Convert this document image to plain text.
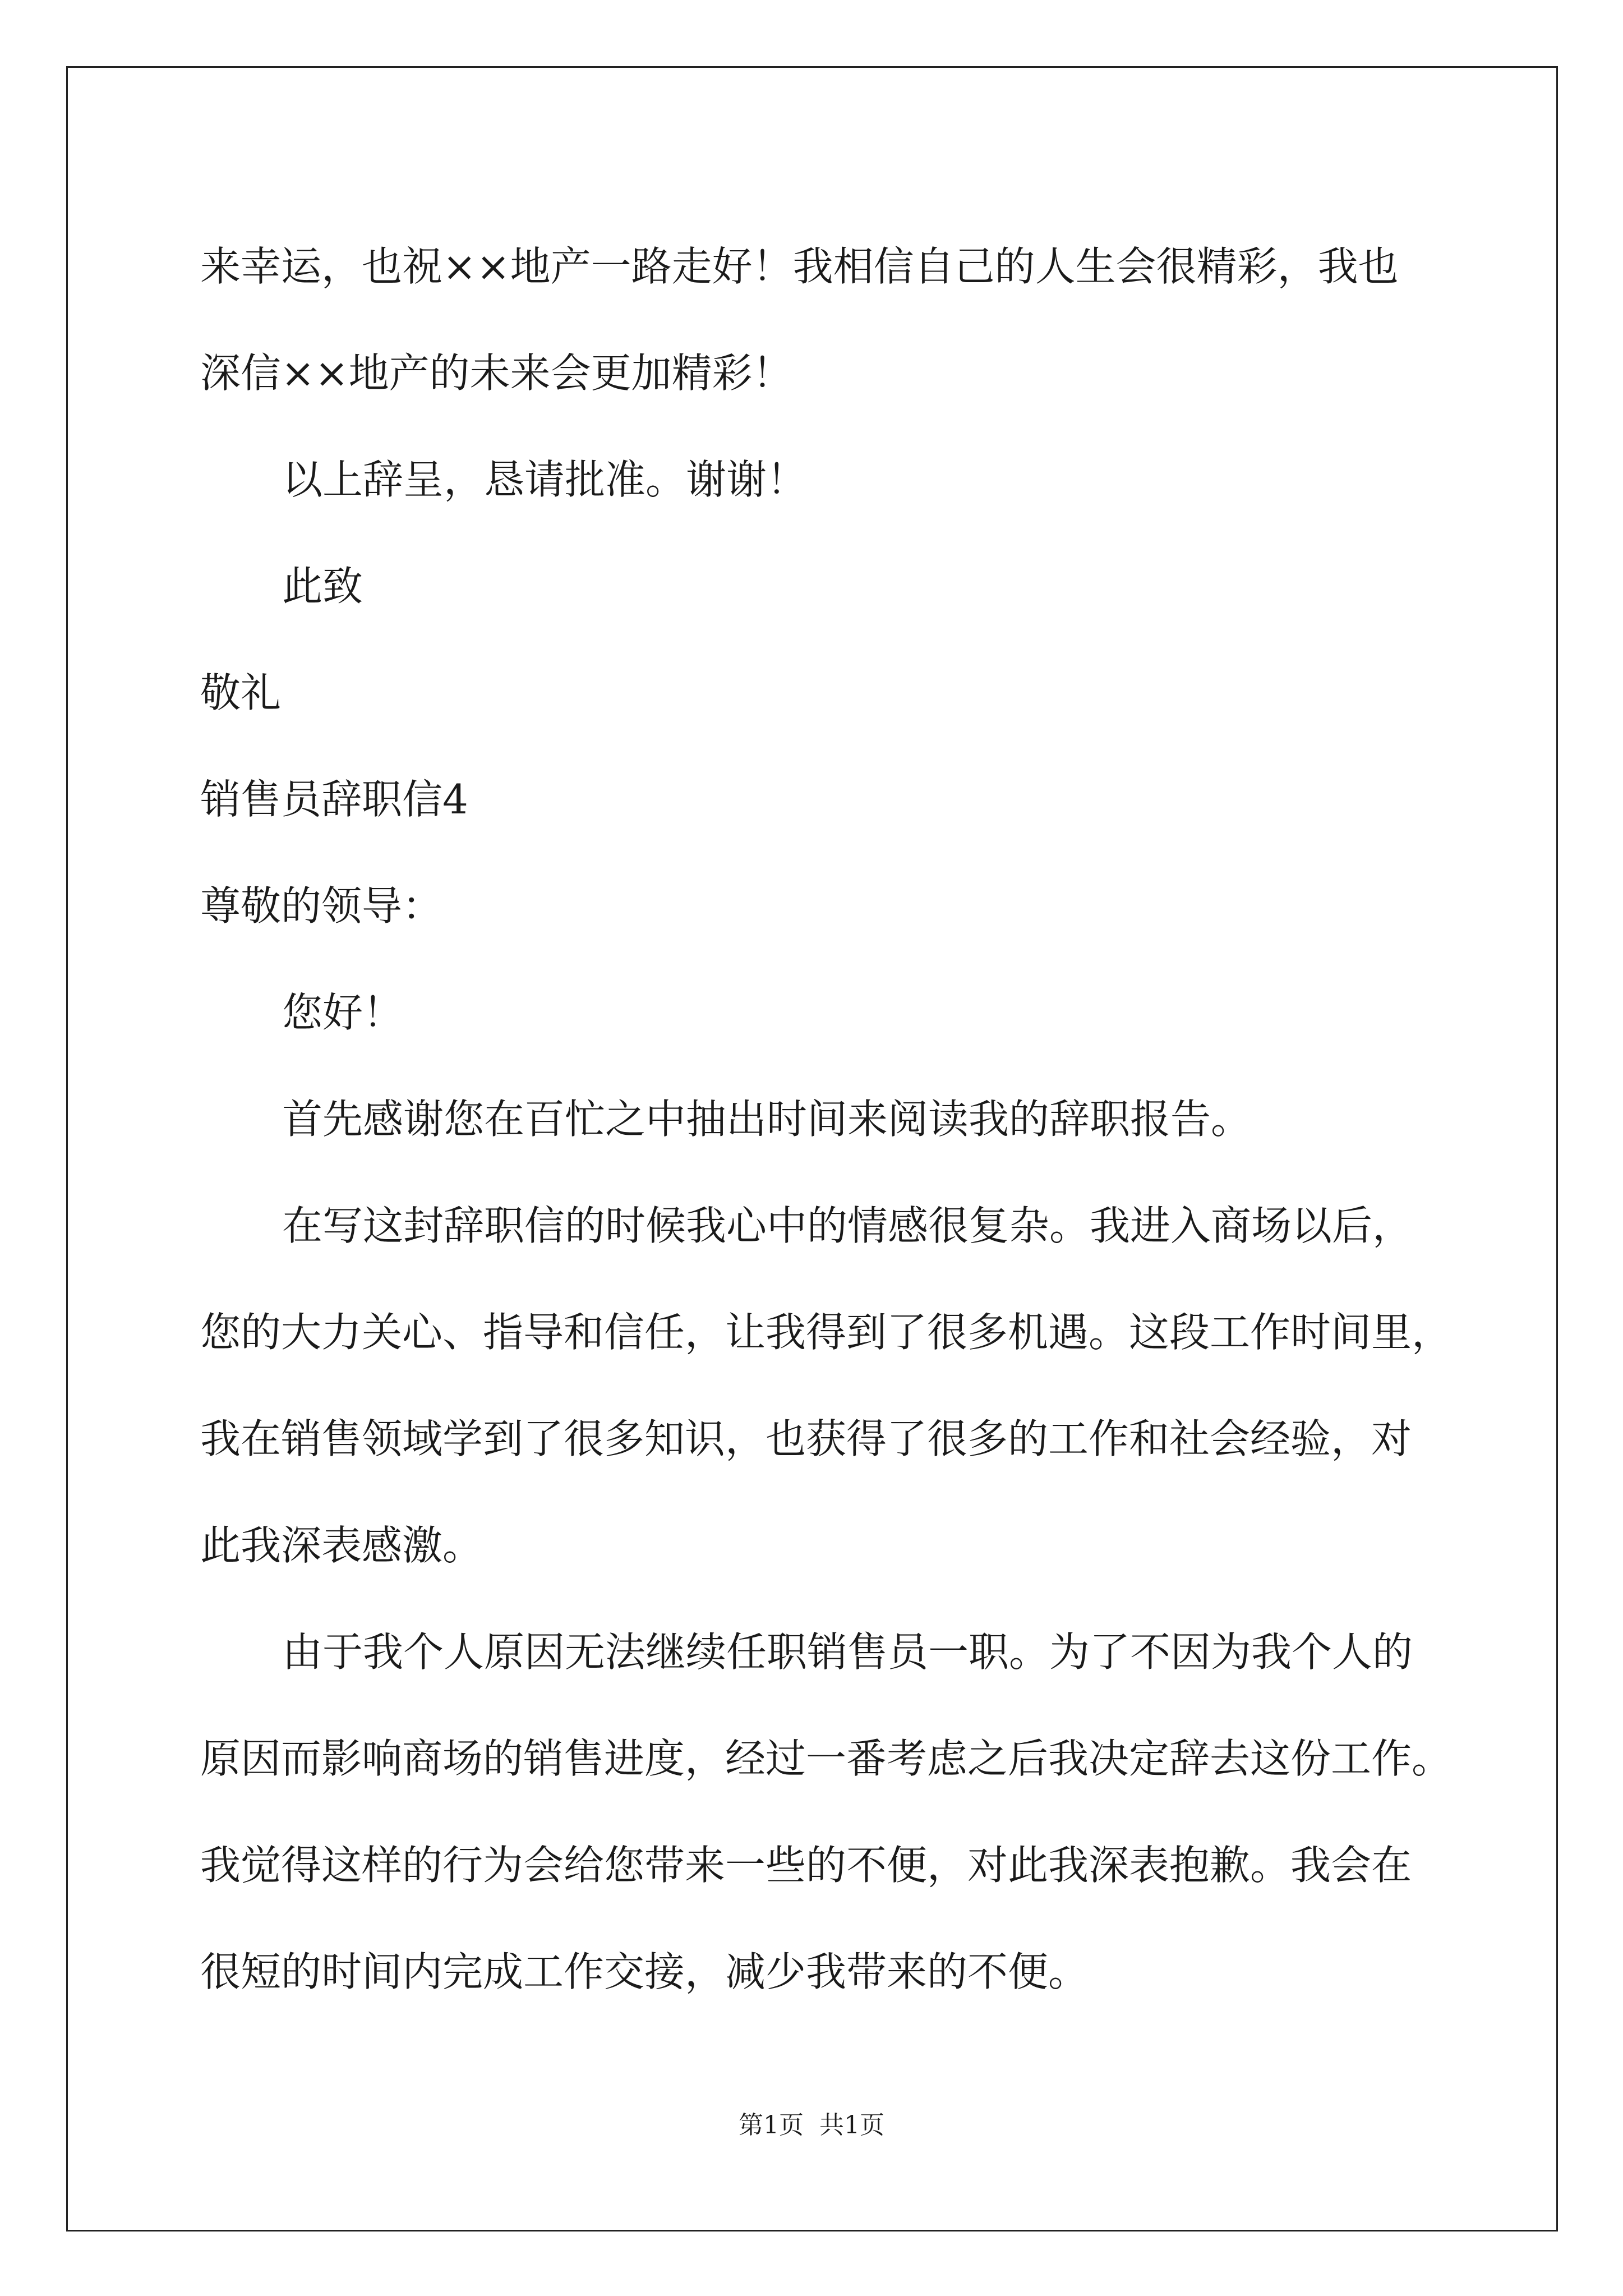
来幸运，也祝××地产一路走好！我相信自己的人生会很精彩，我也
深信××地产的未来会更加精彩！
以上辞呈，恳请批准。谢谢！
此致
敬礼
销售员辞职信4
尊敬的领导：
您好！
首先感谢您在百忙之中抽出时间来阅读我的辞职报告。
在写这封辞职信的时候我心中的情感很复杂。我进入商场以后，
您的大力关心、指导和信任，让我得到了很多机遇。这段工作时间里，
我在销售领域学到了很多知识，也获得了很多的工作和社会经验，对
此我深表感激。
由于我个人原因无法继续任职销售员一职。为了不因为我个人的
原因而影响商场的销售进度，经过一番考虑之后我决定辞去这份工作。
我觉得这样的行为会给您带来一些的不便，对此我深表抱歉。我会在
很短的时间内完成工作交接，减少我带来的不便。
第1页  共1页
